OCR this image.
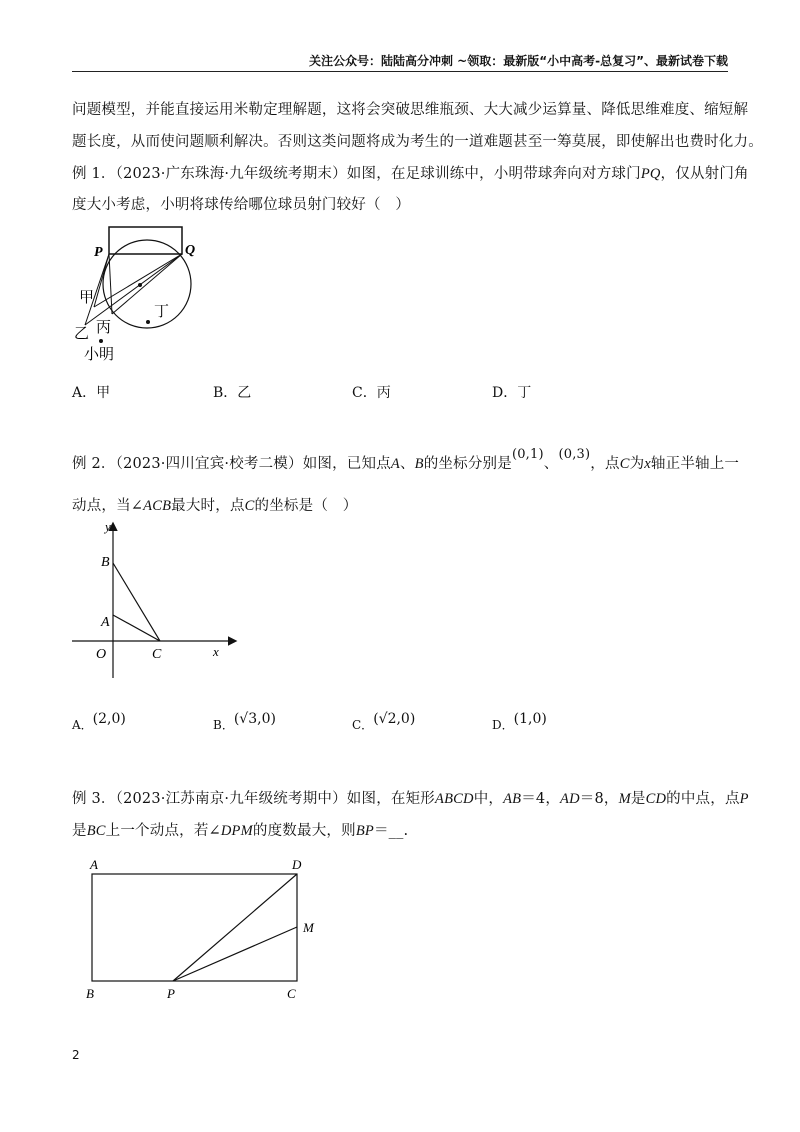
关注公众号：陆陆高分冲刺 ~领取：最新版“小中高考-总复习”、最新试卷下载
问题模型，并能直接运用米勒定理解题，这将会突破思维瓶颈、大大减少运算量、降低思维难度、缩短解
题长度，从而使问题顺利解决。否则这类问题将成为考生的一道难题甚至一筹莫展，即使解出也费时化力。
例 1．（2023·广东珠海·九年级统考期末）如图，在足球训练中，小明带球奔向对方球门PQ，仅从射门角
度大小考虑，小明将球传给哪位球员射门较好（　）
P	Q
甲
乙 丙
丁
小明
A．甲	B．乙	C．丙	D．丁
例 2．（2023·四川宜宾·校考二模）如图，已知点A、B的坐标分别是(0,1)、(0,3)，点C为x轴正半轴上一
动点，当∠ACB最大时，点C的坐标是（　）
y
x
O
A
B
C
A．(2,0)	B．(√3,0)	C．(√2,0)	D．(1,0)
例 3．（2023·江苏南京·九年级统考期中）如图，在矩形ABCD中，AB＝4，AD＝8，M是CD的中点，点P
是BC上一个动点，若∠DPM的度数最大，则BP＝__.
A	D
M
B	P	C
2
